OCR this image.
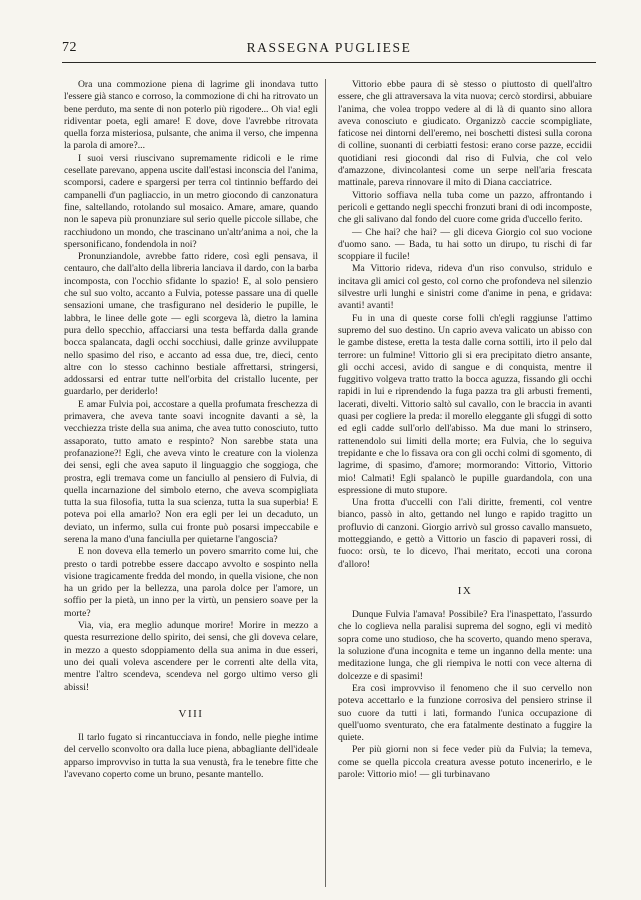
72	RASSEGNA PUGLIESE

Ora una commozione piena di lagrime gli inondava tutto l'essere già stanco e corroso, la commozione di chi ha ritrovato un bene perduto, ma sente di non poterlo più rigodere... Oh via! egli ridiventar poeta, egli amare! E dove, dove l'avrebbe ritrovata quella forza misteriosa, pulsante, che anima il verso, che impenna la parola di amore?...

I suoi versi riuscivano supremamente ridicoli e le rime cesellate parevano, appena uscite dall'estasi inconscia del l'anima, scomporsi, cadere e spargersi per terra col tintinnio beffardo dei campanelli d'un pagliaccio, in un metro giocondo di canzonatura fine, saltellando, rotolando sul mosaico. Amare, amare, quando non le sapeva più pronunziare sul serio quelle piccole sillabe, che racchiudono un mondo, che trascinano un'altr'anima a noi, che la spersonificano, fondendola in noi?

Pronunziandole, avrebbe fatto ridere, così egli pensava, il centauro, che dall'alto della libreria lanciava il dardo, con la barba incomposta, con l'occhio sfidante lo spazio! E, al solo pensiero che sul suo volto, accanto a Fulvia, potesse passare una di quelle sensazioni umane, che trasfigurano nel desiderio le pupille, le labbra, le linee delle gote — egli scorgeva là, dietro la lamina pura dello specchio, affacciarsi una testa beffarda dalla grande bocca spalancata, dagli occhi socchiusi, dalle grinze avviluppate nello spasimo del riso, e accanto ad essa due, tre, dieci, cento altre con lo stesso cachinno bestiale affrettarsi, stringersi, addossarsi ed entrar tutte nell'orbita del cristallo lucente, per guardarlo, per deriderlo!

E amar Fulvia poi, accostare a quella profumata freschezza di primavera, che aveva tante soavi incognite davanti a sè, la vecchiezza triste della sua anima, che avea tutto conosciuto, tutto assaporato, tutto amato e respinto? Non sarebbe stata una profanazione?! Egli, che aveva vinto le creature con la violenza dei sensi, egli che avea saputo il linguaggio che soggioga, che prostra, egli tremava come un fanciullo al pensiero di Fulvia, di quella incarnazione del simbolo eterno, che aveva scompigliata tutta la sua filosofia, tutta la sua scienza, tutta la sua superbia! E poteva poi ella amarlo? Non era egli per lei un decaduto, un deviato, un infermo, sulla cui fronte può posarsi impeccabile e serena la mano d'una fanciulla per quietarne l'angoscia?

E non doveva ella temerlo un povero smarrito come lui, che presto o tardi potrebbe essere daccapo avvolto e sospinto nella visione tragicamente fredda del mondo, in quella visione, che non ha un grido per la bellezza, una parola dolce per l'amore, un soffio per la pietà, un inno per la virtù, un pensiero soave per la morte?

Via, via, era meglio adunque morire! Morire in mezzo a questa resurrezione dello spirito, dei sensi, che gli doveva celare, in mezzo a questo sdoppiamento della sua anima in due esseri, uno dei quali voleva ascendere per le correnti alte della vita, mentre l'altro scendeva, scendeva nel gorgo ultimo verso gli abissi!

VIII

Il tarlo fugato si rincantucciava in fondo, nelle pieghe intime del cervello sconvolto ora dalla luce piena, abbagliante dell'ideale apparso improvviso in tutta la sua venustà, fra le tenebre fitte che l'avevano coperto come un bruno, pesante mantello.

Vittorio ebbe paura di sè stesso o piuttosto di quell'altro essere, che gli attraversava la vita nuova; cercò stordirsi, abbuiare l'anima, che volea troppo vedere al di là di quanto sino allora aveva conosciuto e giudicato. Organizzò caccie scompigliate, faticose nei dintorni dell'eremo, nei boschetti distesi sulla corona di colline, suonanti di cerbiatti festosi: erano corse pazze, eccidii quotidiani resi giocondi dal riso di Fulvia, che col velo d'amazzone, divincolantesi come un serpe nell'aria frescata mattinale, pareva rinnovare il mito di Diana cacciatrice.

Vittorio soffiava nella tuba come un pazzo, affrontando i pericoli e gettando negli specchi fronzuti brani di odi incomposte, che gli salivano dal fondo del cuore come grida d'uccello ferito.

— Che hai? che hai? — gli diceva Giorgio col suo vocione d'uomo sano. — Bada, tu hai sotto un dirupo, tu rischi di far scoppiare il fucile!

Ma Vittorio rideva, rideva d'un riso convulso, stridulo e incitava gli amici col gesto, col corno che profondeva nel silenzio silvestre urli lunghi e sinistri come d'anime in pena, e gridava: avanti! avanti!

Fu in una di queste corse folli ch'egli raggiunse l'attimo supremo del suo destino. Un caprio aveva valicato un abisso con le gambe distese, eretta la testa dalle corna sottili, irto il pelo dal terrore: un fulmine! Vittorio gli si era precipitato dietro ansante, gli occhi accesi, avido di sangue e di conquista, mentre il fuggitivo volgeva tratto tratto la bocca aguzza, fissando gli occhi rapidi in lui e riprendendo la fuga pazza tra gli arbusti frementi, lacerati, divelti. Vittorio saltò sul cavallo, con le braccia in avanti quasi per cogliere la preda: il morello eleggante gli sfuggì di sotto ed egli cadde sull'orlo dell'abisso. Ma due mani lo strinsero, rattenendolo sui limiti della morte; era Fulvia, che lo seguiva trepidante e che lo fissava ora con gli occhi colmi di sgomento, di lagrime, di spasimo, d'amore; mormorando: Vittorio, Vittorio mio! Calmati! Egli spalancò le pupille guardandola, con una espressione di muto stupore.

Una frotta d'uccelli con l'ali diritte, frementi, col ventre bianco, passò in alto, gettando nel lungo e rapido tragitto un profluvio di canzoni. Giorgio arrivò sul grosso cavallo mansueto, motteggiando, e gettò a Vittorio un fascio di papaveri rossi, di fuoco: orsù, te lo dicevo, l'hai meritato, eccoti una corona d'alloro!

IX

Dunque Fulvia l'amava! Possibile? Era l'inaspettato, l'assurdo che lo coglieva nella paralisi suprema del sogno, egli vi meditò sopra come uno studioso, che ha scoverto, quando meno sperava, la soluzione d'una incognita e teme un inganno della mente: una meditazione lunga, che gli riempiva le notti con vece alterna di dolcezze e di spasimi!

Era così improvviso il fenomeno che il suo cervello non poteva accettarlo e la funzione corrosiva del pensiero strinse il suo cuore da tutti i lati, formando l'unica occupazione di quell'uomo sventurato, che era fatalmente destinato a fuggire la quiete.

Per più giorni non si fece veder più da Fulvia; la temeva, come se quella piccola creatura avesse potuto incenerirlo, e le parole: Vittorio mio! — gli turbinavano
